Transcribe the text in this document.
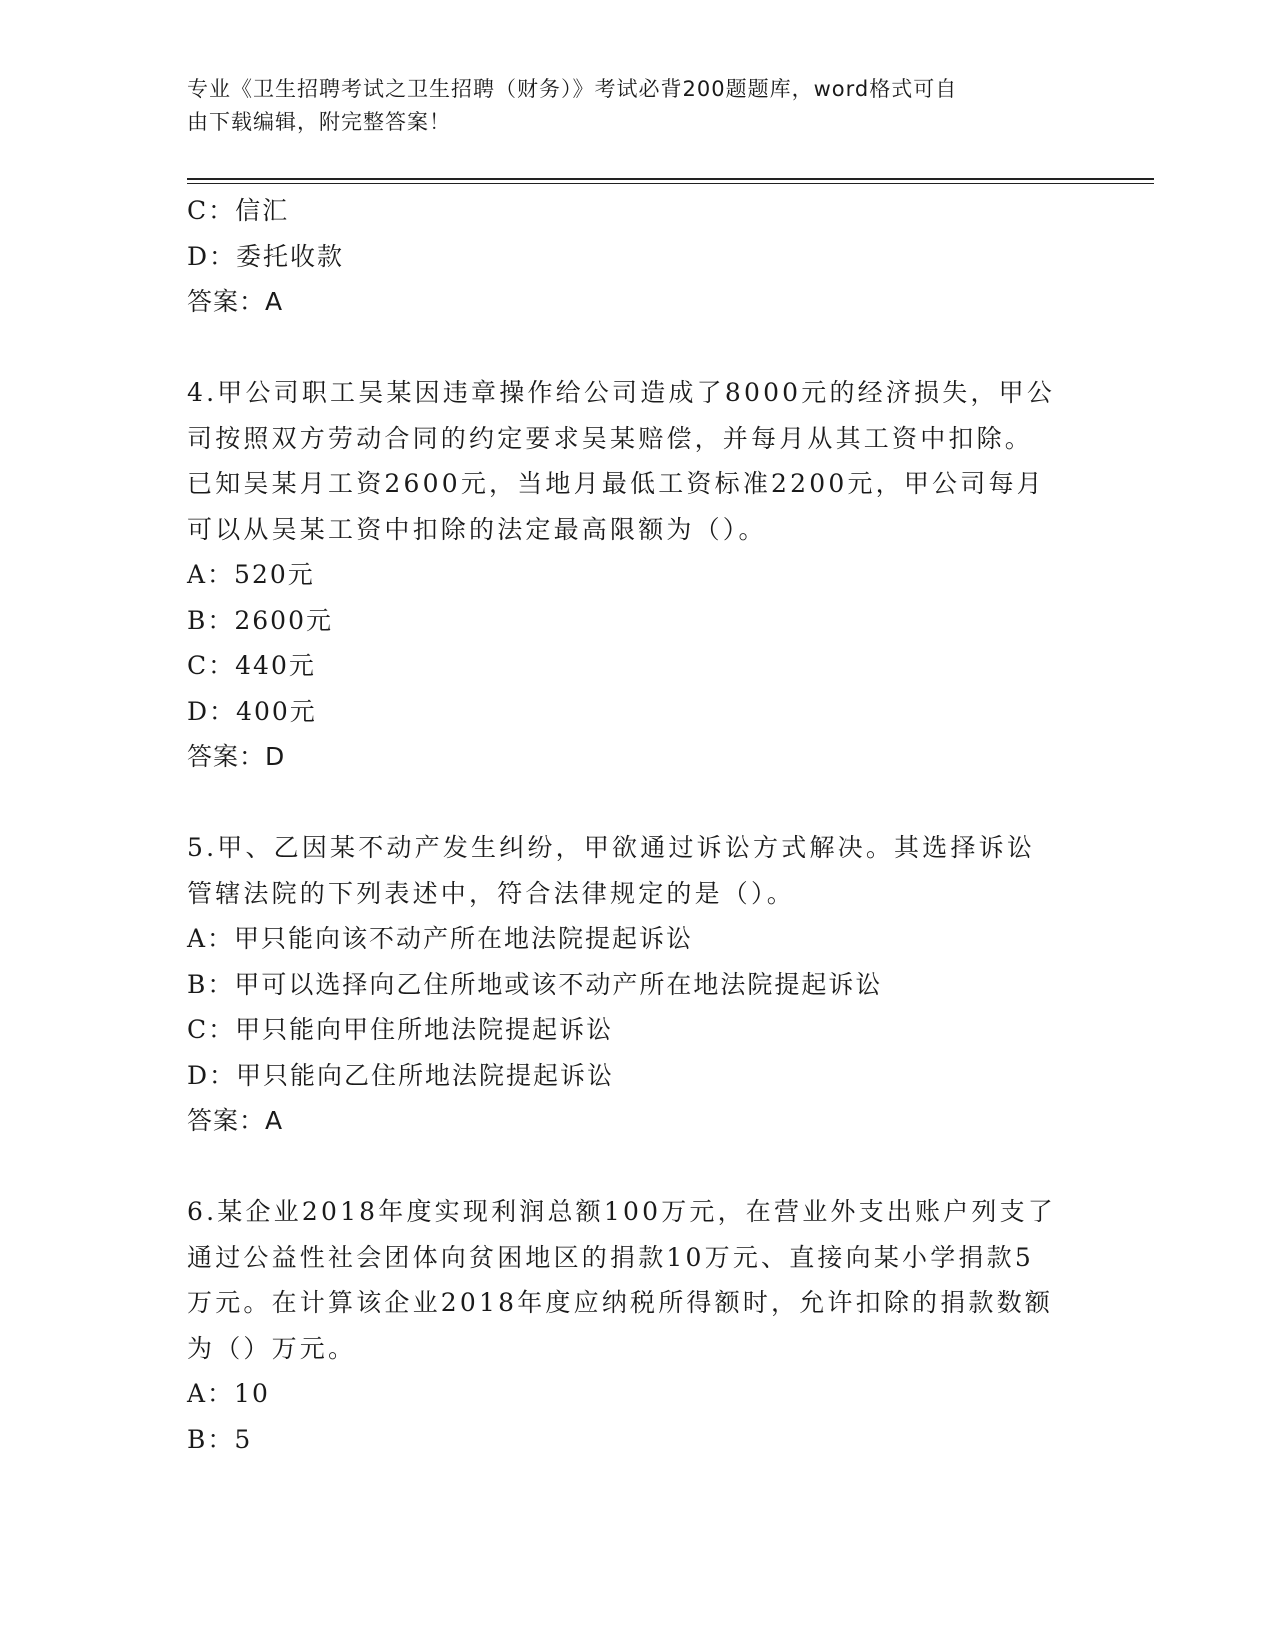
专业《卫生招聘考试之卫生招聘（财务）》考试必背200题题库，word格式可自
由下载编辑，附完整答案！
C：信汇
D：委托收款
答案：A
4.甲公司职工吴某因违章操作给公司造成了8000元的经济损失，甲公
司按照双方劳动合同的约定要求吴某赔偿，并每月从其工资中扣除。
已知吴某月工资2600元，当地月最低工资标准2200元，甲公司每月
可以从吴某工资中扣除的法定最高限额为（）。
A：520元
B：2600元
C：440元
D：400元
答案：D
5.甲、乙因某不动产发生纠纷，甲欲通过诉讼方式解决。其选择诉讼
管辖法院的下列表述中，符合法律规定的是（）。
A：甲只能向该不动产所在地法院提起诉讼
B：甲可以选择向乙住所地或该不动产所在地法院提起诉讼
C：甲只能向甲住所地法院提起诉讼
D：甲只能向乙住所地法院提起诉讼
答案：A
6.某企业2018年度实现利润总额100万元，在营业外支出账户列支了
通过公益性社会团体向贫困地区的捐款10万元、直接向某小学捐款5
万元。在计算该企业2018年度应纳税所得额时，允许扣除的捐款数额
为（）万元。
A：10
B：5
